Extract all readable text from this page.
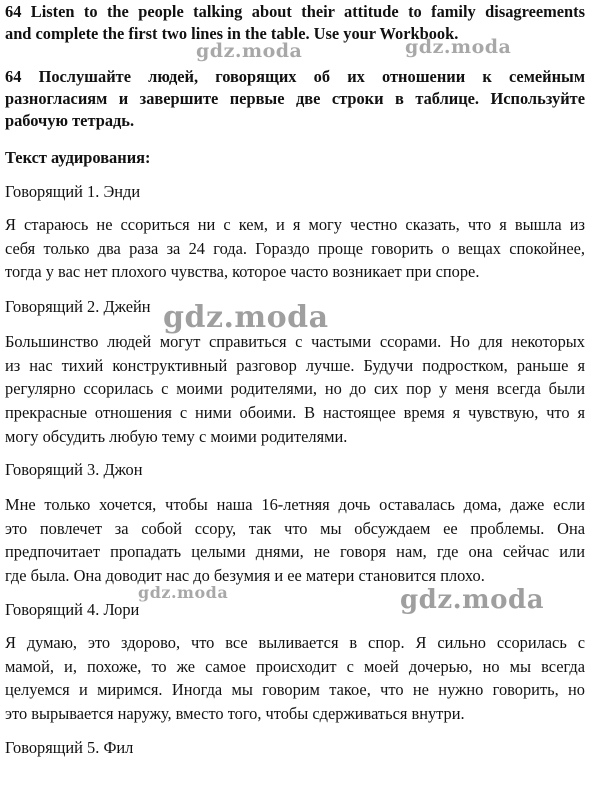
64 Listen to the people talking about their attitude to family disagreements
and complete the first two lines in the table. Use your Workbook.
64 Послушайте людей, говорящих об их отношении к семейным
разногласиям и завершите первые две строки в таблице. Используйте
рабочую тетрадь.
Текст аудирования:
Говорящий 1. Энди
Я стараюсь не ссориться ни с кем, и я могу честно сказать, что я вышла из
себя только два раза за 24 года. Гораздо проще говорить о вещах спокойнее,
тогда у вас нет плохого чувства, которое часто возникает при споре.
Говорящий 2. Джейн
Большинство людей могут справиться с частыми ссорами. Но для некоторых
из нас тихий конструктивный разговор лучше. Будучи подростком, раньше я
регулярно ссорилась с моими родителями, но до сих пор у меня всегда были
прекрасные отношения с ними обоими. В настоящее время я чувствую, что я
могу обсудить любую тему с моими родителями.
Говорящий 3. Джон
Мне только хочется, чтобы наша 16-летняя дочь оставалась дома, даже если
это повлечет за собой ссору, так что мы обсуждаем ее проблемы. Она
предпочитает пропадать целыми днями, не говоря нам, где она сейчас или
где была. Она доводит нас до безумия и ее матери становится плохо.
Говорящий 4. Лори
Я думаю, это здорово, что все выливается в спор. Я сильно ссорилась с
мамой, и, похоже, то же самое происходит с моей дочерью, но мы всегда
целуемся и миримся. Иногда мы говорим такое, что не нужно говорить, но
это вырывается наружу, вместо того, чтобы сдерживаться внутри.
Говорящий 5. Фил
gdz.moda	gdz.moda
gdz.moda
gdz.moda	gdz.moda
